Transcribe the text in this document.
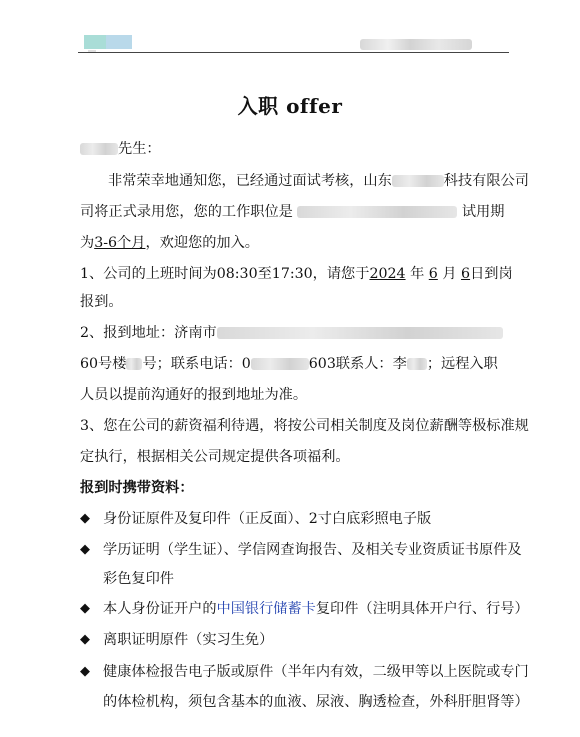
入职 offer
先生：
非常荣幸地通知您，已经通过面试考核，山东	科技有限公司
司将正式录用您，您的工作职位是	试用期
为3-6个月，欢迎您的加入。
1、公司的上班时间为08:30至17:30，请您于2024 年 6 月 6日到岗
报到。
2、报到地址：济南市
60号楼 号；联系电话：0	603联系人：李 ；远程入职
人员以提前沟通好的报到地址为准。
3、您在公司的薪资福利待遇，将按公司相关制度及岗位薪酬等极标准规
定执行，根据相关公司规定提供各项福利。
报到时携带资料：
◆ 身份证原件及复印件（正反面）、2寸白底彩照电子版
◆ 学历证明（学生证）、学信网查询报告、及相关专业资质证书原件及
彩色复印件
◆ 本人身份证开户的中国银行储蓄卡复印件（注明具体开户行、行号）
◆ 离职证明原件（实习生免）
◆ 健康体检报告电子版或原件（半年内有效，二级甲等以上医院或专门
的体检机构，须包含基本的血液、尿液、胸透检查，外科肝胆肾等）
